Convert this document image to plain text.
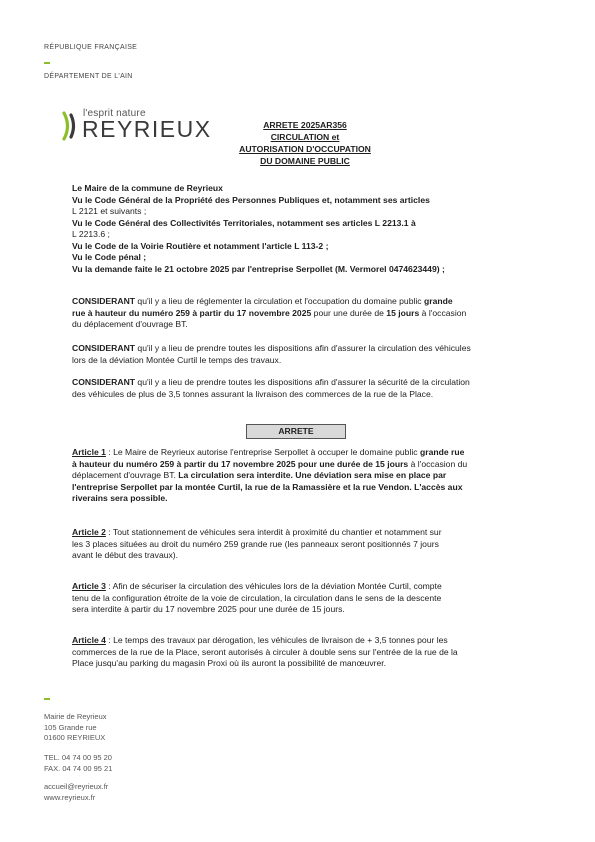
RÉPUBLIQUE FRANÇAISE
DÉPARTEMENT DE L'AIN
l'esprit nature
REYRIEUX	ARRETE 2025AR356
CIRCULATION et
AUTORISATION D'OCCUPATION
DU DOMAINE PUBLIC
Le Maire de la commune de Reyrieux
Vu le Code Général de la Propriété des Personnes Publiques et, notamment ses articles
L 2121 et suivants ;
Vu le Code Général des Collectivités Territoriales, notamment ses articles L 2213.1 à
L 2213.6 ;
Vu le Code de la Voirie Routière et notamment l'article L 113-2 ;
Vu le Code pénal ;
Vu la demande faite le 21 octobre 2025 par l'entreprise Serpollet (M. Vermorel 0474623449) ;
CONSIDERANT qu'il y a lieu de réglementer la circulation et l'occupation du domaine public grande
rue à hauteur du numéro 259 à partir du 17 novembre 2025 pour une durée de 15 jours à l'occasion
du déplacement d'ouvrage BT.
CONSIDERANT qu'il y a lieu de prendre toutes les dispositions afin d'assurer la circulation des véhicules
lors de la déviation Montée Curtil le temps des travaux.
CONSIDERANT qu'il y a lieu de prendre toutes les dispositions afin d'assurer la sécurité de la circulation
des véhicules de plus de 3,5 tonnes assurant la livraison des commerces de la rue de la Place.
ARRETE
Article 1 : Le Maire de Reyrieux autorise l'entreprise Serpollet à occuper le domaine public grande rue
à hauteur du numéro 259 à partir du 17 novembre 2025 pour une durée de 15 jours à l'occasion du
déplacement d'ouvrage BT. La circulation sera interdite. Une déviation sera mise en place par
l'entreprise Serpollet par la montée Curtil, la rue de la Ramassière et la rue Vendon. L'accès aux
riverains sera possible.
Article 2 : Tout stationnement de véhicules sera interdit à proximité du chantier et notamment sur
les 3 places situées au droit du numéro 259 grande rue (les panneaux seront positionnés 7 jours
avant le début des travaux).
Article 3 : Afin de sécuriser la circulation des véhicules lors de la déviation Montée Curtil, compte
tenu de la configuration étroite de la voie de circulation, la circulation dans le sens de la descente
sera interdite à partir du 17 novembre 2025 pour une durée de 15 jours.
Article 4 : Le temps des travaux par dérogation, les véhicules de livraison de + 3,5 tonnes pour les
commerces de la rue de la Place, seront autorisés à circuler à double sens sur l'entrée de la rue de la
Place jusqu'au parking du magasin Proxi où ils auront la possibilité de manœuvrer.
Mairie de Reyrieux
105 Grande rue
01600 REYRIEUX
TEL. 04 74 00 95 20
FAX. 04 74 00 95 21
accueil@reyrieux.fr
www.reyrieux.fr
